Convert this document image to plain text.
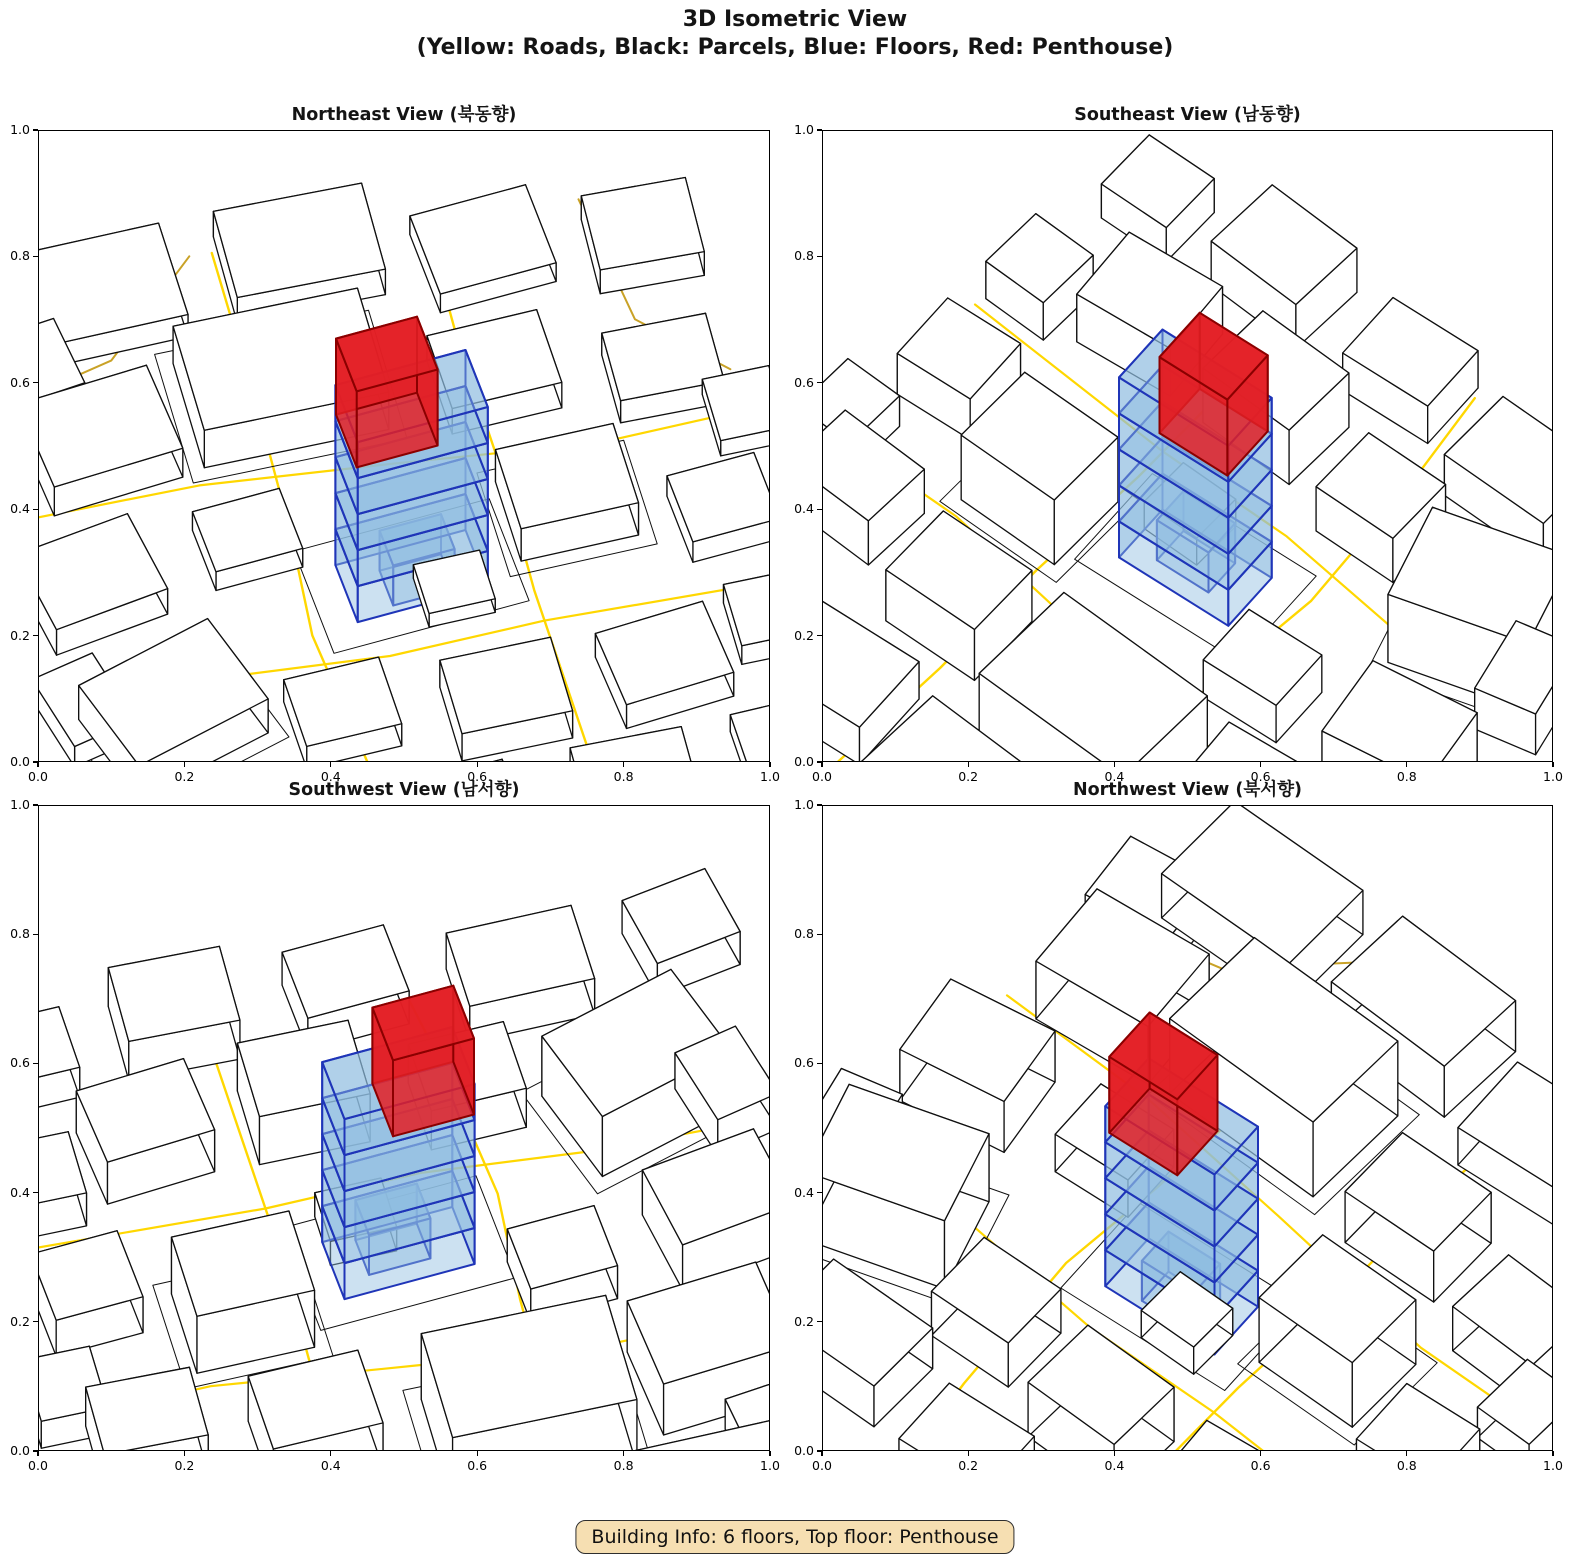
3D Isometric View
(Yellow: Roads, Black: Parcels, Blue: Floors, Red: Penthouse)
Northeast View (북동향)
0.0
0.0
0.2
0.2
0.4
0.4
0.6
0.6
0.8
0.8
1.0
1.0
Southeast View (남동향)
0.0
0.0
0.2
0.2
0.4
0.4
0.6
0.6
0.8
0.8
1.0
1.0
Southwest View (남서향)
0.0
0.0
0.2
0.2
0.4
0.4
0.6
0.6
0.8
0.8
1.0
1.0
Northwest View (북서향)
0.0
0.0
0.2
0.2
0.4
0.4
0.6
0.6
0.8
0.8
1.0
1.0
Building Info: 6 floors, Top floor: Penthouse
